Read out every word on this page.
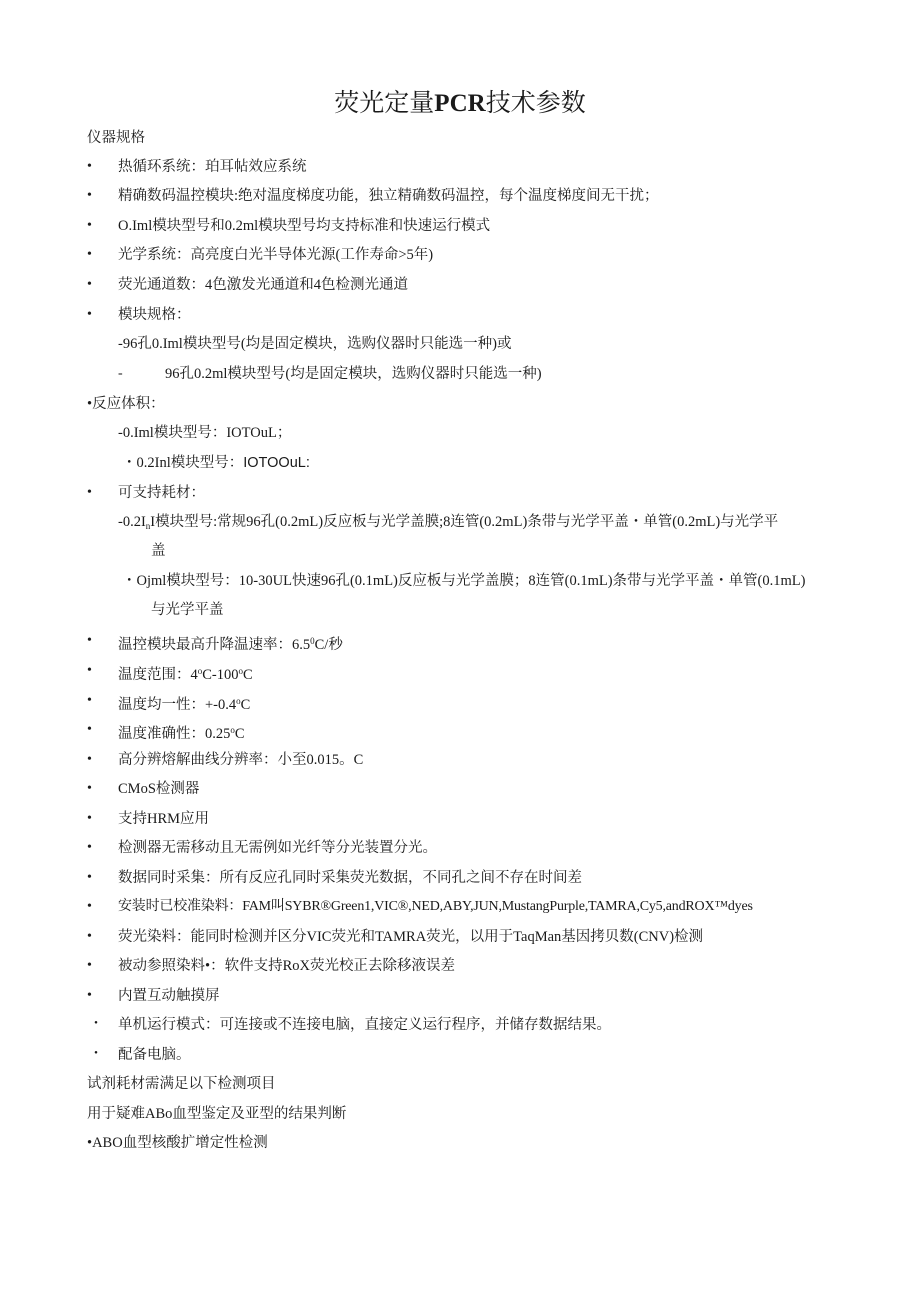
荧光定量PCR技术参数
仪器规格
• 热循环系统：珀耳帖效应系统
• 精确数码温控模块:绝对温度梯度功能，独立精确数码温控，每个温度梯度间无干扰；
• O.Iml模块型号和0.2ml模块型号均支持标准和快速运行模式
• 光学系统：高亮度白光半导体光源(工作寿命>5年)
• 荧光通道数：4色激发光通道和4色检测光通道
• 模块规格：
-96孔0.Iml模块型号(均是固定模块，选购仪器时只能选一种)或
-	96孔0.2ml模块型号(均是固定模块，选购仪器时只能选一种)
•反应体积：
-0.Iml模块型号：IOTOuL；
・0.2Inl模块型号：IOTOOuL:
• 可支持耗材：
$-0.2I_nI$模块型号:常规96孔(0.2mL)反应板与光学盖膜;8连管(0.2mL)条带与光学平盖・单管(0.2mL)与光学平
盖
・Ojml模块型号：10-30UL快速96孔(0.1mL)反应板与光学盖膜；8连管(0.1mL)条带与光学平盖・单管(0.1mL)
与光学平盖
• 温控模块最高升降温速率：$6.5^0C/$秒
• 温度范围：4$^o$C-100$^o$C
• 温度均一性：$+-0.4^oC$
• 温度准确性：0.25$^o$C
• 高分辨熔解曲线分辨率：小至0.015。C
• CMoS检测器
• 支持HRM应用
• 检测器无需移动且无需例如光纤等分光装置分光。
• 数据同时采集：所有反应孔同时采集荧光数据，不同孔之间不存在时间差
• 安装时已校准染料：FAM叫SYBR®Green1,VIC®,NED,ABY,JUN,MustangPurple,TAMRA,Cy5,andROX™dyes
• 荧光染料：能同时检测并区分VIC荧光和TAMRA荧光，以用于TaqMan基因拷贝数(CNV)检测
• 被动参照染料•：软件支持RoX荧光校正去除移液误差
• 内置互动触摸屏
・ 单机运行模式：可连接或不连接电脑，直接定义运行程序，并储存数据结果。
・ 配备电脑。
试剂耗材需满足以下检测项目
用于疑难ABo血型鉴定及亚型的结果判断
•ABO血型核酸扩增定性检测
